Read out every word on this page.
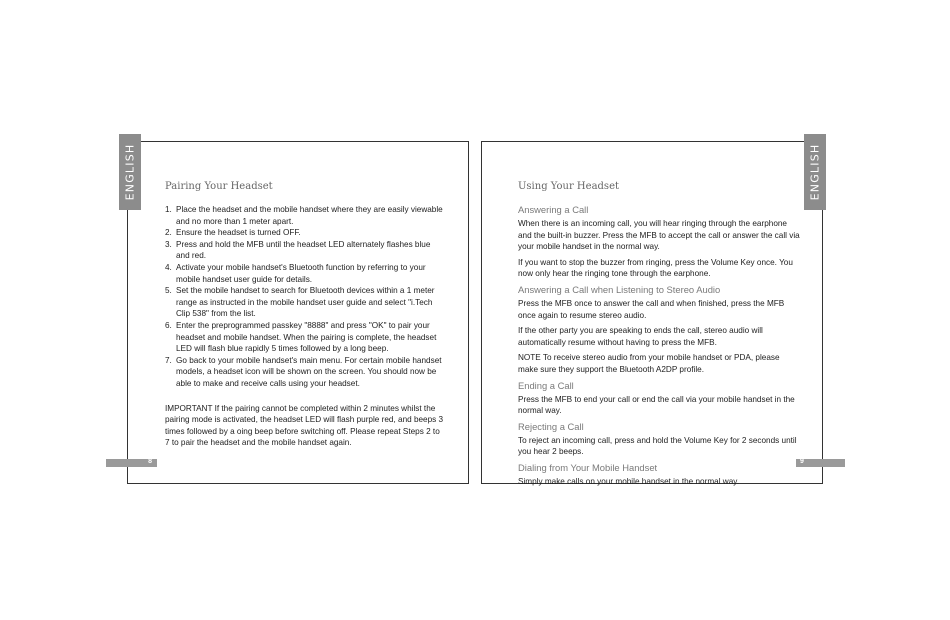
ENGLISH	ENGLISH
8	9
Pairing Your Headset
1. Place the headset and the mobile handset where they are easily viewable and no more than 1 meter apart.
2. Ensure the headset is turned OFF.
3. Press and hold the MFB until the headset LED alternately flashes blue and red.
4. Activate your mobile handset's Bluetooth function by referring to your mobile handset user guide for details.
5. Set the mobile handset to search for Bluetooth devices within a 1 meter range as instructed in the mobile handset user guide and select "i.Tech Clip 538" from the list.
6. Enter the preprogrammed passkey "8888" and press "OK" to pair your headset and mobile handset. When the pairing is complete, the headset LED will flash blue rapidly 5 times followed by a long beep.
7. Go back to your mobile handset's main menu. For certain mobile handset models, a headset icon will be shown on the screen. You should now be able to make and receive calls using your headset.

IMPORTANT If the pairing cannot be completed within 2 minutes whilst the pairing mode is activated, the headset LED will flash purple red, and beeps 3 times followed by a oing beep before switching off. Please repeat Steps 2 to 7 to pair the headset and the mobile handset again.

Using Your Headset
Answering a Call

When there is an incoming call, you will hear ringing through the earphone and the built-in buzzer. Press the MFB to accept the call or answer the call via your mobile handset in the normal way.

If you want to stop the buzzer from ringing, press the Volume Key once. You now only hear the ringing tone through the earphone.

Answering a Call when Listening to Stereo Audio

Press the MFB once to answer the call and when finished, press the MFB once again to resume stereo audio.

If the other party you are speaking to ends the call, stereo audio will automatically resume without having to press the MFB.

NOTE To receive stereo audio from your mobile handset or PDA, please make sure they support the Bluetooth A2DP profile.

Ending a Call

Press the MFB to end your call or end the call via your mobile handset in the normal way.

Rejecting a Call

To reject an incoming call, press and hold the Volume Key for 2 seconds until you hear 2 beeps.

Dialing from Your Mobile Handset

Simply make calls on your mobile handset in the normal way.
